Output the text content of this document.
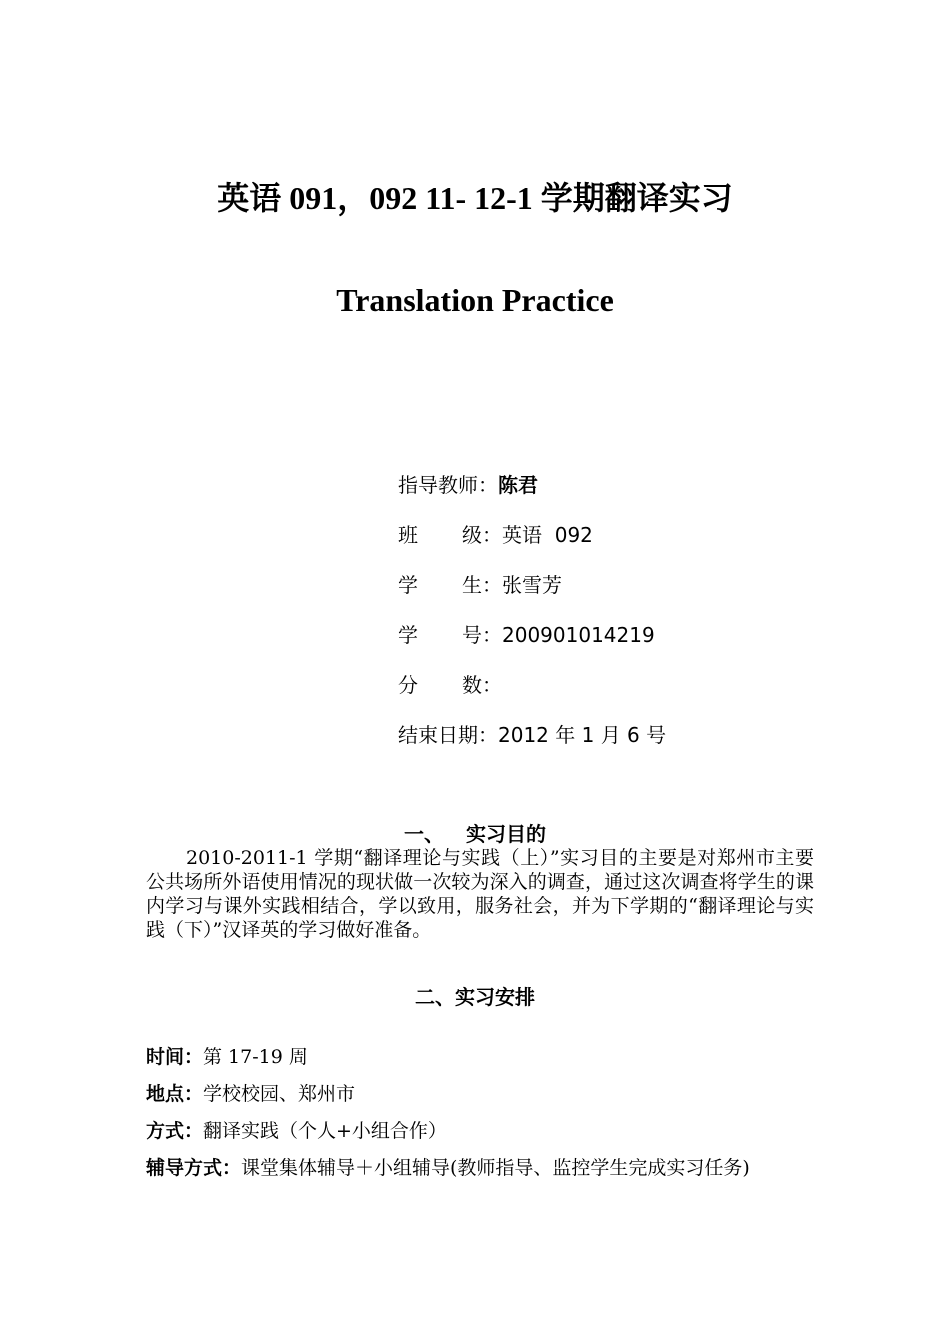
英语 091，092 11- 12-1 学期翻译实习
Translation Practice
指导教师： 陈君
班 级： 英语  092
学 生： 张雪芳
学 号： 200901014219
分 数：
结束日期： 2012 年 1 月 6 号
一、 实习目的
2010-2011-1 学期“翻译理论与实践（上）”实习目的主要是对郑州市主要公共场所外语使用情况的现状做一次较为深入的调查，通过这次调查将学生的课内学习与课外实践相结合，学以致用，服务社会，并为下学期的“翻译理论与实践（下）”汉译英的学习做好准备。
二、实习安排
时间： 第 17-19 周
地点： 学校校园、郑州市
方式： 翻译实践（个人+小组合作）
辅导方式： 课堂集体辅导＋小组辅导(教师指导、监控学生完成实习任务)
